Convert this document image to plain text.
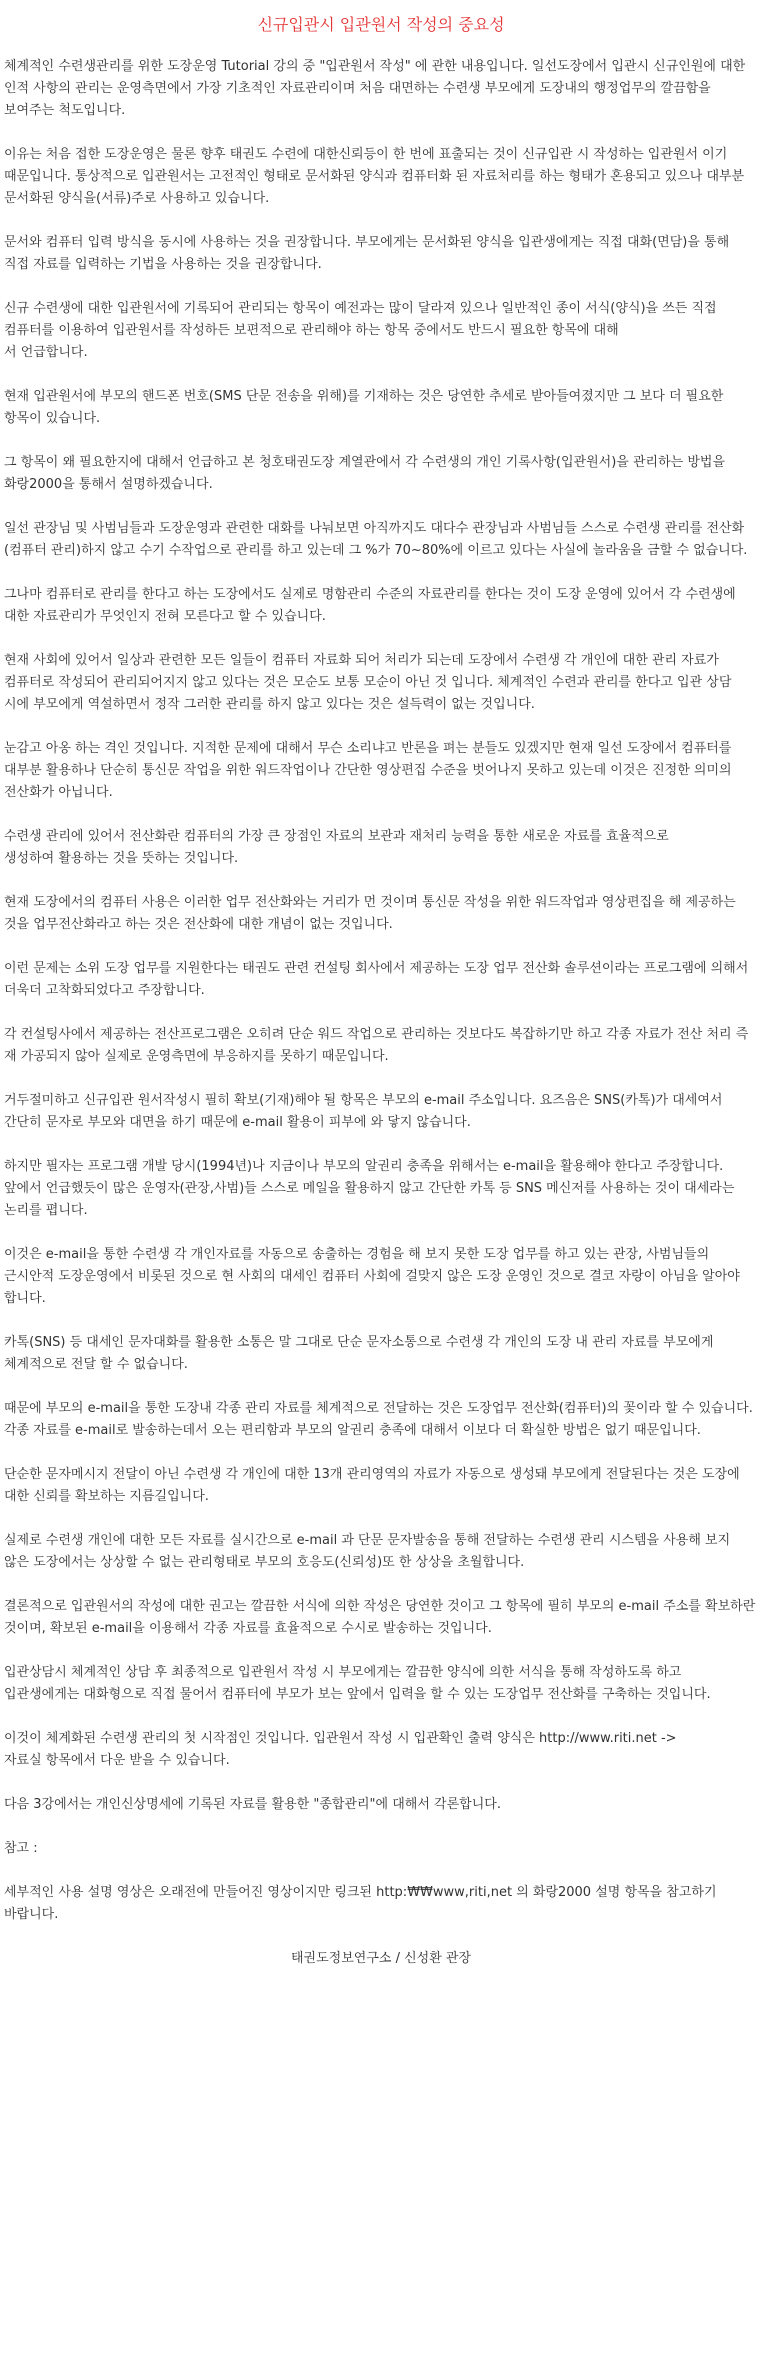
신규입관시 입관원서 작성의 중요성

체계적인 수련생관리를 위한 도장운영 Tutorial 강의 중 "입관원서 작성" 에 관한 내용입니다. 일선도장에서 입관시 신규인원에 대한 인적 사항의 관리는 운영측면에서 가장 기초적인 자료관리이며 처음 대면하는 수련생 부모에게 도장내의 행정업무의 깔끔함을 보여주는 척도입니다.

이유는 처음 접한 도장운영은 물론 향후 태권도 수련에 대한신뢰등이 한 번에 표출되는 것이 신규입관 시 작성하는 입관원서 이기 때문입니다. 통상적으로 입관원서는 고전적인 형태로 문서화된 양식과 컴퓨터화 된 자료처리를 하는 형태가 혼용되고 있으나 대부분 문서화된 양식을(서류)주로 사용하고 있습니다.

문서와 컴퓨터 입력 방식을 동시에 사용하는 것을 권장합니다. 부모에게는 문서화된 양식을 입관생에게는 직접 대화(면담)을 통해 직접 자료를 입력하는 기법을 사용하는 것을 권장합니다.

신규 수련생에 대한 입관원서에 기록되어 관리되는 항목이 예전과는 많이 달라져 있으나 일반적인 종이 서식(양식)을 쓰든 직접 컴퓨터를 이용하여 입관원서를 작성하든 보편적으로 관리해야 하는 항목 중에서도 반드시 필요한 항목에 대해
서 언급합니다.

현재 입관원서에 부모의 핸드폰 번호(SMS 단문 전송을 위해)를 기재하는 것은 당연한 추세로 받아들여졌지만 그 보다 더 필요한 항목이 있습니다.

그 항목이 왜 필요한지에 대해서 언급하고 본 청호태권도장 계열관에서 각 수련생의 개인 기록사항(입관원서)을 관리하는 방법을 화랑2000을 통해서 설명하겠습니다.

일선 관장님 및 사범님들과 도장운영과 관련한 대화를 나눠보면 아직까지도 대다수 관장님과 사범님들 스스로 수련생 관리를 전산화(컴퓨터 관리)하지 않고 수기 수작업으로 관리를 하고 있는데 그 %가 70~80%에 이르고 있다는 사실에 놀라움을 금할 수 없습니다.

그나마 컴퓨터로 관리를 한다고 하는 도장에서도 실제로 명함관리 수준의 자료관리를 한다는 것이 도장 운영에 있어서 각 수련생에 대한 자료관리가 무엇인지 전혀 모른다고 할 수 있습니다.

현재 사회에 있어서 일상과 관련한 모든 일들이 컴퓨터 자료화 되어 처리가 되는데 도장에서 수련생 각 개인에 대한 관리 자료가 컴퓨터로 작성되어 관리되어지지 않고 있다는 것은 모순도 보통 모순이 아닌 것 입니다. 체계적인 수련과 관리를 한다고 입관 상담 시에 부모에게 역설하면서 정작 그러한 관리를 하지 않고 있다는 것은 설득력이 없는 것입니다.

눈감고 아옹 하는 격인 것입니다. 지적한 문제에 대해서 무슨 소리냐고 반론을 펴는 분들도 있겠지만 현재 일선 도장에서 컴퓨터를 대부분 활용하나 단순히 통신문 작업을 위한 워드작업이나 간단한 영상편집 수준을 벗어나지 못하고 있는데 이것은 진정한 의미의 전산화가 아닙니다.

수련생 관리에 있어서 전산화란 컴퓨터의 가장 큰 장점인 자료의 보관과 재처리 능력을 통한 새로운 자료를 효율적으로
생성하여 활용하는 것을 뜻하는 것입니다.

현재 도장에서의 컴퓨터 사용은 이러한 업무 전산화와는 거리가 먼 것이며 통신문 작성을 위한 워드작업과 영상편집을 해 제공하는 것을 업무전산화라고 하는 것은 전산화에 대한 개념이 없는 것입니다.

이런 문제는 소위 도장 업무를 지원한다는 태권도 관련 컨설팅 회사에서 제공하는 도장 업무 전산화 솔루션이라는 프로그램에 의해서 더욱더 고착화되었다고 주장합니다.

각 컨설팅사에서 제공하는 전산프로그램은 오히려 단순 워드 작업으로 관리하는 것보다도 복잡하기만 하고 각종 자료가 전산 처리 즉 재 가공되지 않아 실제로 운영측면에 부응하지를 못하기 때문입니다.

거두절미하고 신규입관 원서작성시 필히 확보(기재)해야 될 항목은 부모의 e-mail 주소입니다. 요즈음은 SNS(카톡)가 대세여서 간단히 문자로 부모와 대면을 하기 때문에 e-mail 활용이 피부에 와 닿지 않습니다.

하지만 필자는 프로그램 개발 당시(1994년)나 지금이나 부모의 알권리 충족을 위해서는 e-mail을 활용해야 한다고 주장합니다. 앞에서 언급했듯이 많은 운영자(관장,사범)들 스스로 메일을 활용하지 않고 간단한 카톡 등 SNS 메신저를 사용하는 것이 대세라는 논리를 폅니다.

이것은 e-mail을 통한 수련생 각 개인자료를 자동으로 송출하는 경험을 해 보지 못한 도장 업무를 하고 있는 관장, 사범님들의 근시안적 도장운영에서 비롯된 것으로 현 사회의 대세인 컴퓨터 사회에 걸맞지 않은 도장 운영인 것으로 결코 자랑이 아님을 알아야 합니다.

카톡(SNS) 등 대세인 문자대화를 활용한 소통은 말 그대로 단순 문자소통으로 수련생 각 개인의 도장 내 관리 자료를 부모에게 체계적으로 전달 할 수 없습니다.

때문에 부모의 e-mail을 통한 도장내 각종 관리 자료를 체계적으로 전달하는 것은 도장업무 전산화(컴퓨터)의 꽃이라 할 수 있습니다. 각종 자료를 e-mail로 발송하는데서 오는 편리함과 부모의 알권리 충족에 대해서 이보다 더 확실한 방법은 없기 때문입니다.

단순한 문자메시지 전달이 아닌 수련생 각 개인에 대한 13개 관리영역의 자료가 자동으로 생성돼 부모에게 전달된다는 것은 도장에 대한 신뢰를 확보하는 지름길입니다.

실제로 수련생 개인에 대한 모든 자료를 실시간으로 e-mail 과 단문 문자발송을 통해 전달하는 수련생 관리 시스템을 사용해 보지 않은 도장에서는 상상할 수 없는 관리형태로 부모의 호응도(신뢰성)또 한 상상을 초월합니다.

결론적으로 입관원서의 작성에 대한 권고는 깔끔한 서식에 의한 작성은 당연한 것이고 그 항목에 필히 부모의 e-mail 주소를 확보하란 것이며, 확보된 e-mail을 이용해서 각종 자료를 효율적으로 수시로 발송하는 것입니다.

입관상담시 체계적인 상담 후 최종적으로 입관원서 작성 시 부모에게는 깔끔한 양식에 의한 서식을 통해 작성하도록 하고 입관생에게는 대화형으로 직접 물어서 컴퓨터에 부모가 보는 앞에서 입력을 할 수 있는 도장업무 전산화를 구축하는 것입니다.

이것이 체계화된 수련생 관리의 첫 시작점인 것입니다. 입관원서 작성 시 입관확인 출력 양식은 http://www.riti.net ->
자료실 항목에서 다운 받을 수 있습니다.

다음 3강에서는 개인신상명세에 기록된 자료를 활용한 "종합관리"에 대해서 각론합니다.

참고 :

세부적인 사용 설명 영상은 오래전에 만들어진 영상이지만 링크된 http:₩₩www,riti,net 의 화랑2000 설명 항목을 참고하기 바랍니다.

태권도정보연구소 / 신성환 관장
